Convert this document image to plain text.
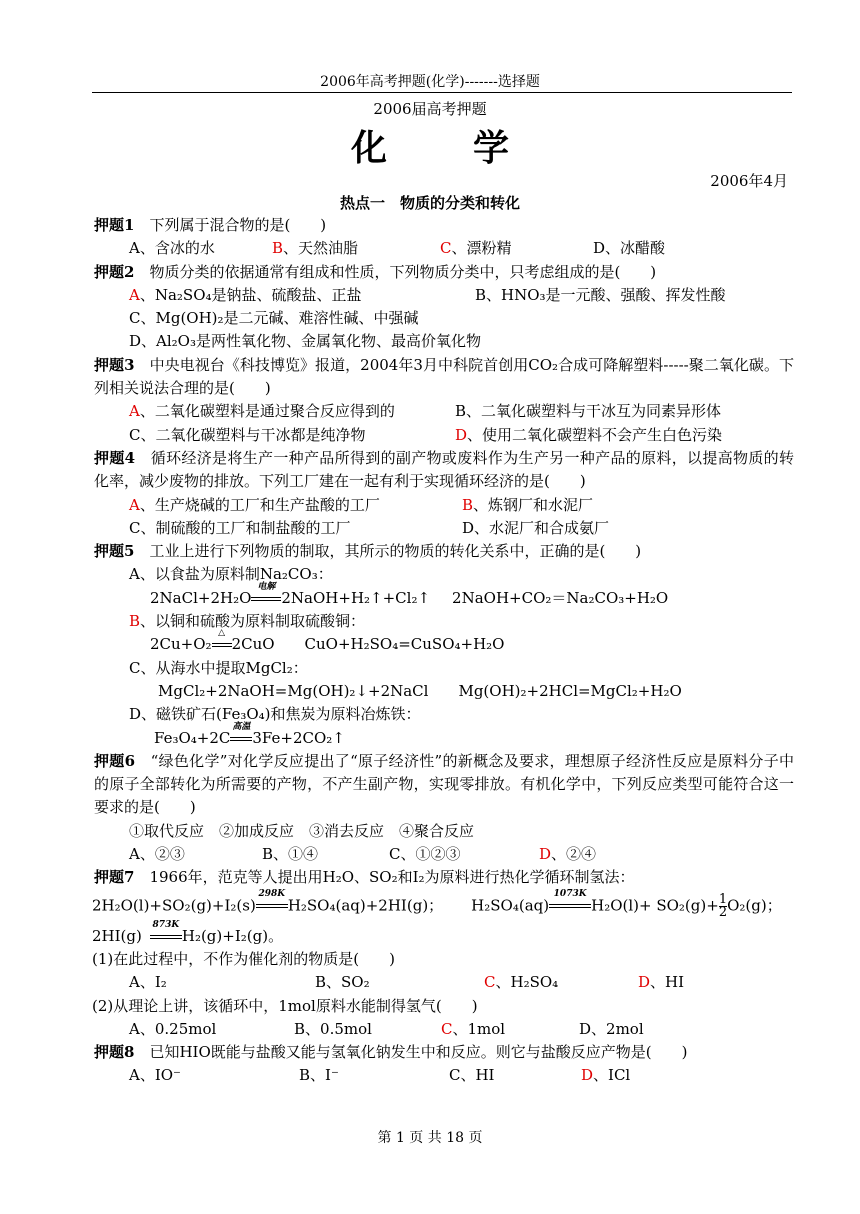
2006年高考押题(化学)-------选择题
2006届高考押题
化学
2006年4月
热点一　物质的分类和转化

押题1　 下列属于混合物的是(　　)

A、含冰的水	B、天然油脂	C、漂粉精	D、冰醋酸

押题2　 物质分类的依据通常有组成和性质，下列物质分类中，只考虑组成的是(　　)

A、Na₂SO₄是钠盐、硫酸盐、正盐	B、HNO₃是一元酸、强酸、挥发性酸

C、Mg(OH)₂是二元碱、难溶性碱、中强碱

D、Al₂O₃是两性氧化物、金属氧化物、最高价氧化物

押题3　 中央电视台《科技博览》报道，2004年3月中科院首创用CO₂合成可降解塑料-----聚二氧化碳。下列相关说法合理的是(　　)

A、二氧化碳塑料是通过聚合反应得到的	B、二氧化碳塑料与干冰互为同素异形体

C、二氧化碳塑料与干冰都是纯净物	D、使用二氧化碳塑料不会产生白色污染

押题4　 循环经济是将生产一种产品所得到的副产物或废料作为生产另一种产品的原料，以提高物质的转化率，减少废物的排放。下列工厂建在一起有利于实现循环经济的是(　　)

A、生产烧碱的工厂和生产盐酸的工厂	B、炼钢厂和水泥厂

C、制硫酸的工厂和制盐酸的工厂	D、水泥厂和合成氨厂

押题5　 工业上进行下列物质的制取，其所示的物质的转化关系中，正确的是(　　)

A、以食盐为原料制Na₂CO₃：

2NaCl+2H₂O
电解
2NaOH+H₂↑+Cl₂↑ 2NaOH+CO₂＝Na₂CO₃+H₂O

B、以铜和硫酸为原料制取硫酸铜：

2Cu+O₂
△
2CuO CuO+H₂SO₄=CuSO₄+H₂O

C、从海水中提取MgCl₂：

MgCl₂+2NaOH=Mg(OH)₂↓+2NaCl Mg(OH)₂+2HCl=MgCl₂+H₂O

D、磁铁矿石(Fe₃O₄)和焦炭为原料冶炼铁：

Fe₃O₄+2C
高温
3Fe+2CO₂↑

押题6　 “绿色化学”对化学反应提出了“原子经济性”的新概念及要求，理想原子经济性反应是原料分子中的原子全部转化为所需要的产物，不产生副产物，实现零排放。有机化学中，下列反应类型可能符合这一要求的是(　　)

①取代反应　②加成反应　③消去反应　④聚合反应

A、②③	B、①④	C、①②③	D、②④

押题7　 1966年，范克等人提出用H₂O、SO₂和I₂为原料进行热化学循环制氢法：

2H₂O(l)+SO₂(g)+I₂(s)
298K
H₂SO₄(aq)+2HI(g)； H₂SO₄(aq)
1073K
$H_2O(l)+ SO_2(g)+ \frac{1}{2} O_2(g)$；

2HI(g)
873K
H₂(g)+I₂(g)。

(1)在此过程中，不作为催化剂的物质是(　　)

A、I₂	B、SO₂	C、H₂SO₄	D、HI

(2)从理论上讲，该循环中，1mol原料水能制得氢气(　　)

A、0.25mol	B、0.5mol	C、1mol	D、2mol

押题8　 已知HIO既能与盐酸又能与氢氧化钠发生中和反应。则它与盐酸反应产物是(　　)

A、IO⁻	B、I⁻	C、HI	D、ICl

第 1 页 共 18 页
